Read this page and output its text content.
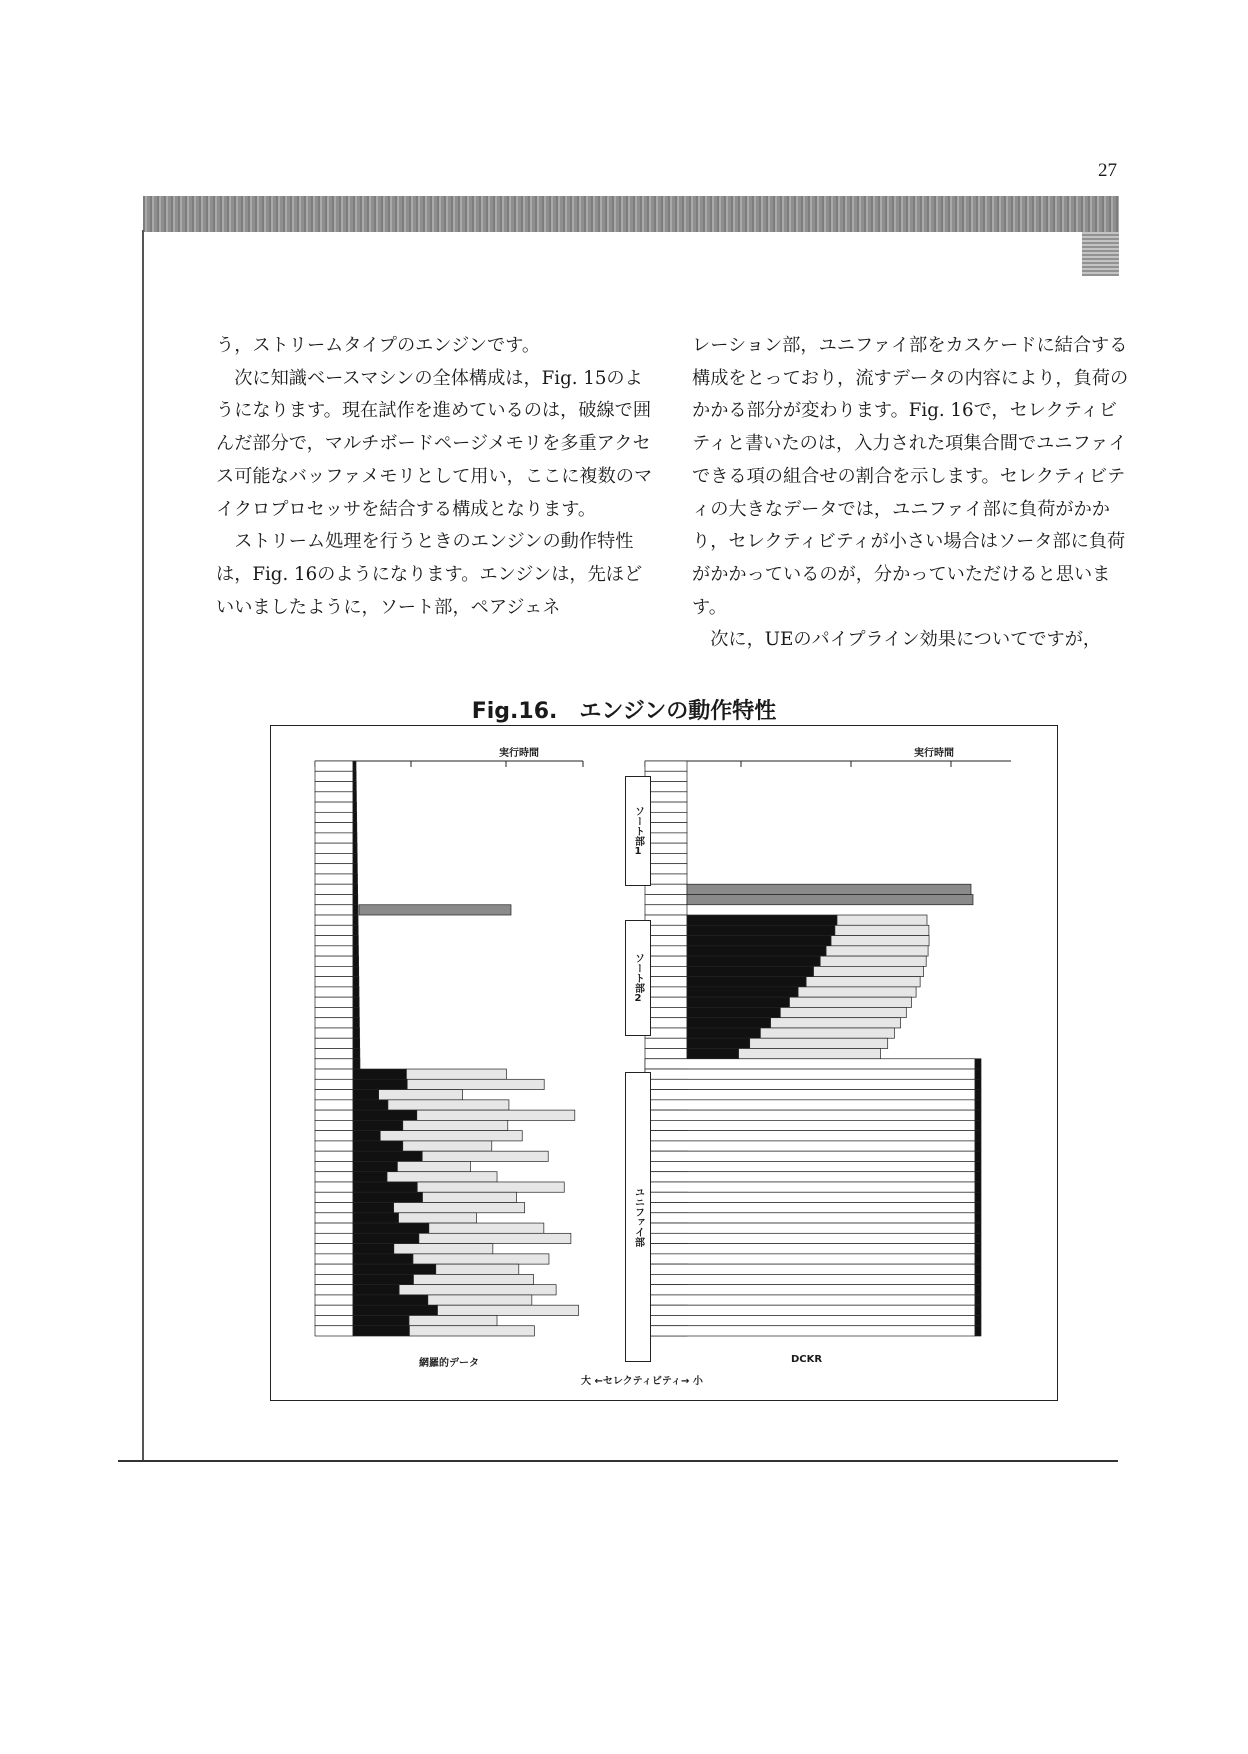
27

う，ストリームタイプのエンジンです。

次に知識ベースマシンの全体構成は，Fig. 15のようになります。現在試作を進めているのは，破線で囲んだ部分で，マルチボードページメモリを多重アクセス可能なバッファメモリとして用い，ここに複数のマイクロプロセッサを結合する構成となります。

ストリーム処理を行うときのエンジンの動作特性は，Fig. 16のようになります。エンジンは，先ほどいいましたように，ソート部，ペアジェネ

レーション部，ユニファイ部をカスケードに結合する構成をとっており，流すデータの内容により，負荷のかかる部分が変わります。Fig. 16で，セレクティビティと書いたのは，入力された項集合間でユニファイできる項の組合せの割合を示します。セレクティビティの大きなデータでは，ユニファイ部に負荷がかかり，セレクティビティが小さい場合はソータ部に負荷がかかっているのが，分かっていただけると思います。

次に，UEのパイプライン効果についてですが，

Fig.16.　エンジンの動作特性
実行時間	実行時間
ソート部1
ソート部2
ユニファイ部
網羅的データ	DCKR
大 ←セレクティビティ→ 小
